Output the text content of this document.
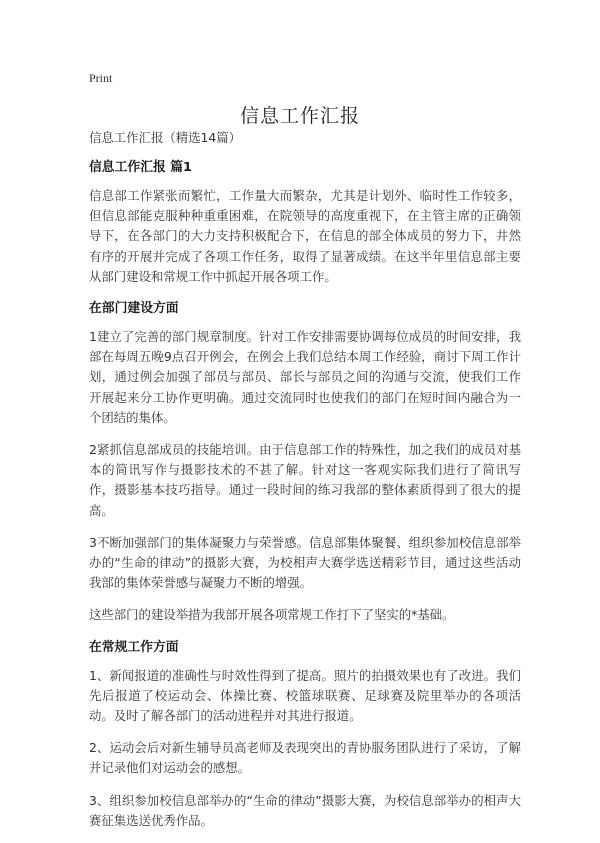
Print
信息工作汇报

信息工作汇报（精选14篇）

信息工作汇报 篇1

信息部工作紧张而繁忙，工作量大而繁杂，尤其是计划外、临时性工作较多，但信息部能克服种种重重困难，在院领导的高度重视下，在主管主席的正确领导下，在各部门的大力支持积极配合下，在信息的部全体成员的努力下，井然有序的开展并完成了各项工作任务，取得了显著成绩。在这半年里信息部主要从部门建设和常规工作中抓起开展各项工作。

在部门建设方面

1建立了完善的部门规章制度。针对工作安排需要协调每位成员的时间安排，我部在每周五晚9点召开例会，在例会上我们总结本周工作经验，商讨下周工作计划，通过例会加强了部员与部员、部长与部员之间的沟通与交流，使我们工作开展起来分工协作更明确。通过交流同时也使我们的部门在短时间内融合为一个团结的集体。

2紧抓信息部成员的技能培训。由于信息部工作的特殊性，加之我们的成员对基本的简讯写作与摄影技术的不甚了解。针对这一客观实际我们进行了简讯写作，摄影基本技巧指导。通过一段时间的练习我部的整体素质得到了很大的提高。

3不断加强部门的集体凝聚力与荣誉感。信息部集体聚餐、组织参加校信息部举办的“生命的律动”的摄影大赛，为校相声大赛学选送精彩节目，通过这些活动我部的集体荣誉感与凝聚力不断的增强。

这些部门的建设举措为我部开展各项常规工作打下了坚实的*基础。

在常规工作方面

1、新闻报道的准确性与时效性得到了提高。照片的拍摄效果也有了改进。我们先后报道了校运动会、体操比赛、校篮球联赛、足球赛及院里举办的各项活动。及时了解各部门的活动进程并对其进行报道。

2、运动会后对新生辅导员高老师及表现突出的青协服务团队进行了采访，了解并记录他们对运动会的感想。

3、组织参加校信息部举办的“生命的律动”摄影大赛，为校信息部举办的相声大赛征集选送优秀作品。
